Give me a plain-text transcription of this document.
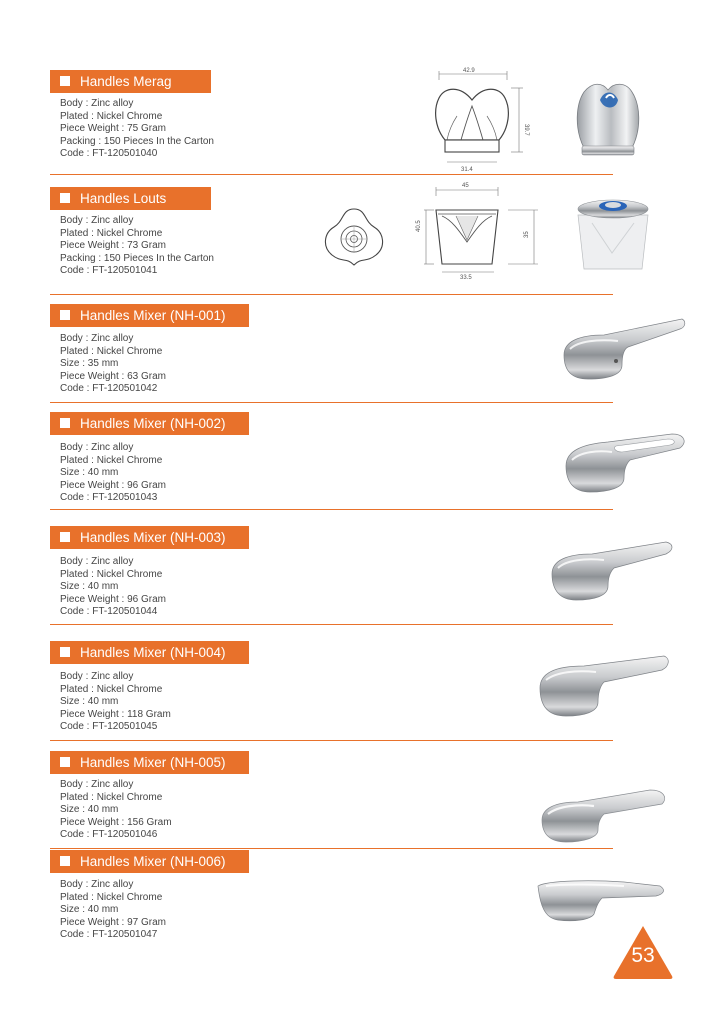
Handles Merag
Body : Zinc alloy
Plated : Nickel Chrome
Piece Weight : 75 Gram
Packing : 150 Pieces In the Carton
Code : FT-120501040
42.9
39.7
31.4
Handles Louts
Body : Zinc alloy
Plated : Nickel Chrome
Piece Weight : 73 Gram
Packing : 150 Pieces In the Carton
Code : FT-120501041
45
40.5
35
33.5
Handles Mixer (NH-001)
Body : Zinc alloy
Plated : Nickel Chrome
Size : 35 mm
Piece Weight : 63 Gram
Code : FT-120501042
Handles Mixer (NH-002)
Body : Zinc alloy
Plated : Nickel Chrome
Size : 40 mm
Piece Weight : 96 Gram
Code : FT-120501043
Handles Mixer (NH-003)
Body : Zinc alloy
Plated : Nickel Chrome
Size : 40 mm
Piece Weight : 96 Gram
Code : FT-120501044
Handles Mixer (NH-004)
Body : Zinc alloy
Plated : Nickel Chrome
Size : 40 mm
Piece Weight : 118 Gram
Code : FT-120501045
Handles Mixer (NH-005)
Body : Zinc alloy
Plated : Nickel Chrome
Size : 40 mm
Piece Weight : 156 Gram
Code : FT-120501046
Handles Mixer (NH-006)
Body : Zinc alloy
Plated : Nickel Chrome
Size : 40 mm
Piece Weight : 97 Gram
Code : FT-120501047
53
